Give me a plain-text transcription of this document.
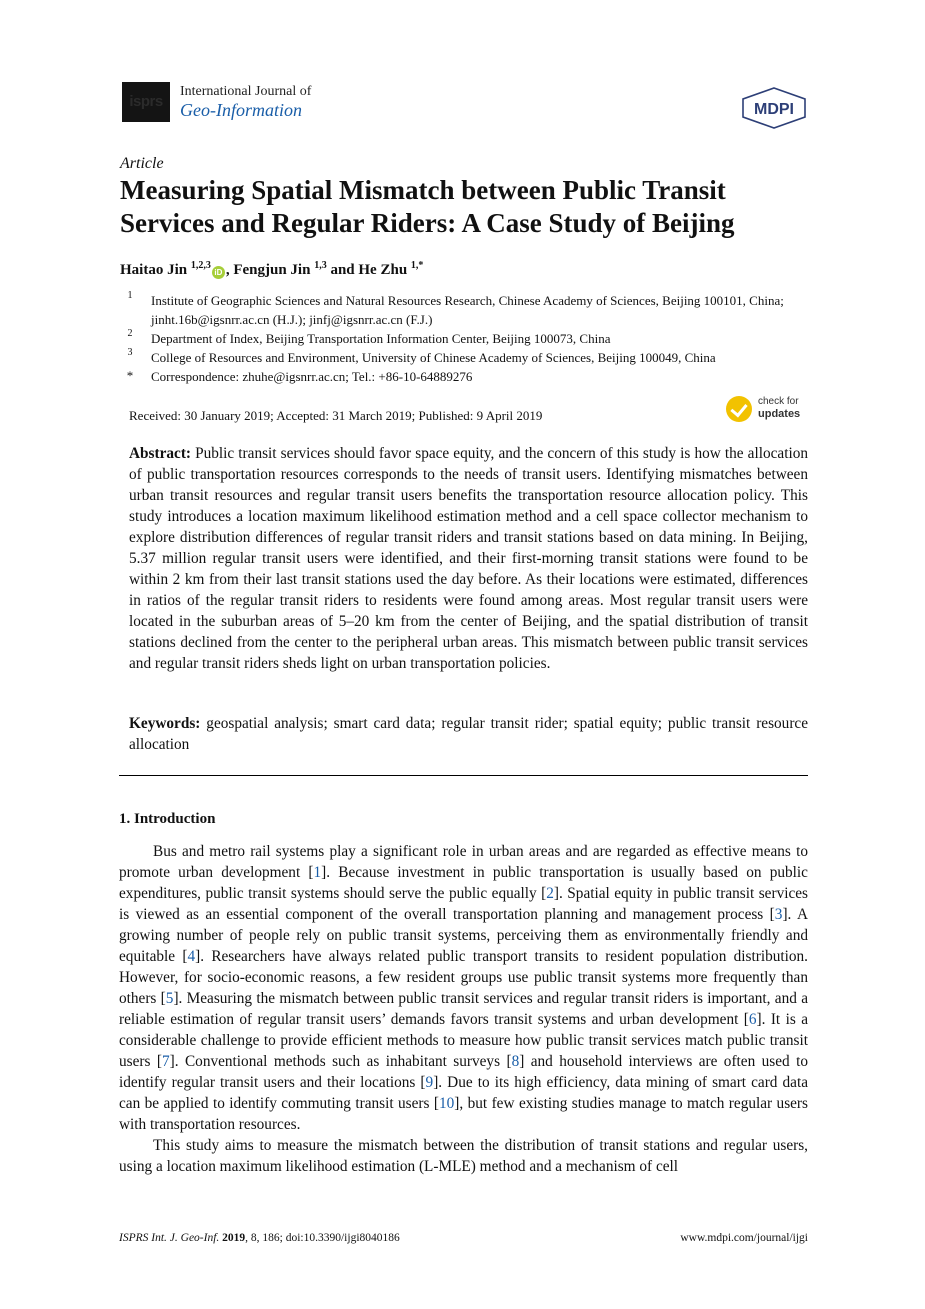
isprs
International Journal of
Geo-Information	MDPI
Article
Measuring Spatial Mismatch between Public Transit Services and Regular Riders: A Case Study of Beijing
Haitao Jin $^{1,2,3}$iD , Fengjun Jin $^{1,3}$ and He Zhu $^{1,*}$
1	Institute of Geographic Sciences and Natural Resources Research, Chinese Academy of Sciences, Beijing 100101, China; jinht.16b@igsnrr.ac.cn (H.J.); jinfj@igsnrr.ac.cn (F.J.)
2	Department of Index, Beijing Transportation Information Center, Beijing 100073, China
3	College of Resources and Environment, University of Chinese Academy of Sciences, Beijing 100049, China
*	Correspondence: zhuhe@igsnrr.ac.cn; Tel.: +86-10-64889276
Received: 30 January 2019; Accepted: 31 March 2019; Published: 9 April 2019
check for
updates
Abstract: Public transit services should favor space equity, and the concern of this study is how the allocation of public transportation resources corresponds to the needs of transit users. Identifying mismatches between urban transit resources and regular transit users benefits the transportation resource allocation policy. This study introduces a location maximum likelihood estimation method and a cell space collector mechanism to explore distribution differences of regular transit riders and transit stations based on data mining. In Beijing, 5.37 million regular transit users were identified, and their first-morning transit stations were found to be within 2 km from their last transit stations used the day before. As their locations were estimated, differences in ratios of the regular transit riders to residents were found among areas. Most regular transit users were located in the suburban areas of 5–20 km from the center of Beijing, and the spatial distribution of transit stations declined from the center to the peripheral urban areas. This mismatch between public transit services and regular transit riders sheds light on urban transportation policies.
Keywords: geospatial analysis; smart card data; regular transit rider; spatial equity; public transit resource allocation
1. Introduction

Bus and metro rail systems play a significant role in urban areas and are regarded as effective means to promote urban development [1]. Because investment in public transportation is usually based on public expenditures, public transit systems should serve the public equally [2]. Spatial equity in public transit services is viewed as an essential component of the overall transportation planning and management process [3]. A growing number of people rely on public transit systems, perceiving them as environmentally friendly and equitable [4]. Researchers have always related public transport transits to resident population distribution. However, for socio-economic reasons, a few resident groups use public transit systems more frequently than others [5]. Measuring the mismatch between public transit services and regular transit riders is important, and a reliable estimation of regular transit users’ demands favors transit systems and urban development [6]. It is a considerable challenge to provide efficient methods to measure how public transit services match public transit users [7]. Conventional methods such as inhabitant surveys [8] and household interviews are often used to identify regular transit users and their locations [9]. Due to its high efficiency, data mining of smart card data can be applied to identify commuting transit users [10], but few existing studies manage to match regular users with transportation resources.

This study aims to measure the mismatch between the distribution of transit stations and regular users, using a location maximum likelihood estimation (L-MLE) method and a mechanism of cell

ISPRS Int. J. Geo-Inf. 2019, 8, 186; doi:10.3390/ijgi8040186	www.mdpi.com/journal/ijgi
